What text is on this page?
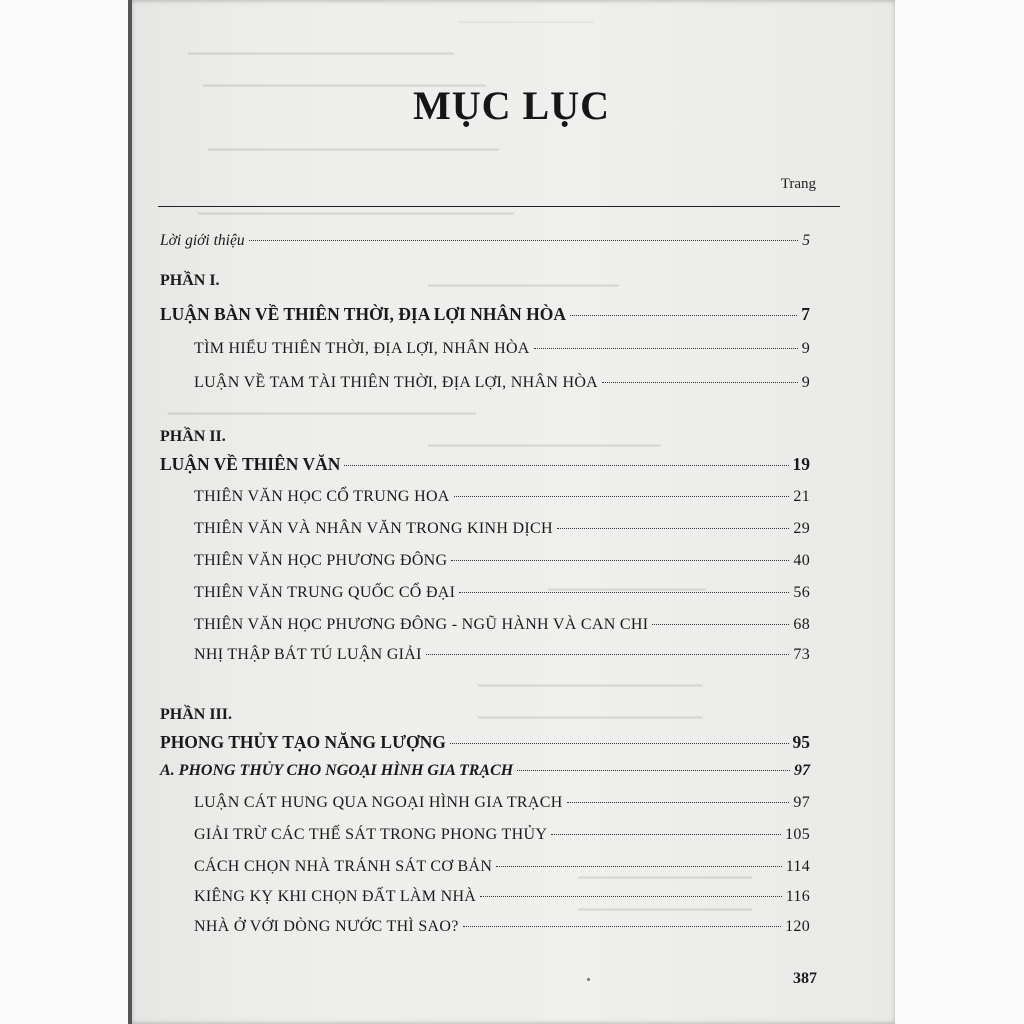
──────────────
━━━━━━━━━━━━━━━━━━━━━━━━━━━━━━━━
━━━━━━━━━━━━━━━━━━━━━━━━━━━━━━━━━━
━━━━━━━━━━━━━━━━━━━━━━━━━━━━━━━━━━━
━━━━━━━━━━━━━━━━━━━━━━━━━━━━━━━━━━━━━━
━━━━━━━━━━━━━━━━━━━━━━━
━━━━━━━━━━━━━━━━━━━━━━━━━━━━━━━━━━━━━
━━━━━━━━━━━━━━━━━━━━━━━━━━━━
━━━━━━━━━━━━━━━━━━━
━━━━━━━━━━━━━━━━━━━━━━━━━━━
━━━━━━━━━━━━━━━━━━━━━━━━━━━
━━━━━━━━━━━━━━━━━━━━━
━━━━━━━━━━━━━━━━━━━━━
MỤC LỤC
Trang
Lời giới thiệu	5
PHẦN I.
LUẬN BÀN VỀ THIÊN THỜI, ĐỊA LỢI NHÂN HÒA	7
TÌM HIỂU THIÊN THỜI, ĐỊA LỢI, NHÂN HÒA	9
LUẬN VỀ TAM TÀI THIÊN THỜI, ĐỊA LỢI, NHÂN HÒA	9
PHẦN II.
LUẬN VỀ THIÊN VĂN	19
THIÊN VĂN HỌC CỔ TRUNG HOA	21
THIÊN VĂN VÀ NHÂN VĂN TRONG KINH DỊCH	29
THIÊN VĂN HỌC PHƯƠNG ĐÔNG	40
THIÊN VĂN TRUNG QUỐC CỔ ĐẠI	56
THIÊN VĂN HỌC PHƯƠNG ĐÔNG - NGŨ HÀNH VÀ CAN CHI	68
NHỊ THẬP BÁT TÚ LUẬN GIẢI	73
PHẦN III.
PHONG THỦY TẠO NĂNG LƯỢNG	95
A. PHONG THỦY CHO NGOẠI HÌNH GIA TRẠCH	97
LUẬN CÁT HUNG QUA NGOẠI HÌNH GIA TRẠCH	97
GIẢI TRỪ CÁC THẾ SÁT TRONG PHONG THỦY	105
CÁCH CHỌN NHÀ TRÁNH SÁT CƠ BẢN	114
KIÊNG KỴ KHI CHỌN ĐẤT LÀM NHÀ	116
NHÀ Ở VỚI DÒNG NƯỚC THÌ SAO?	120
387
